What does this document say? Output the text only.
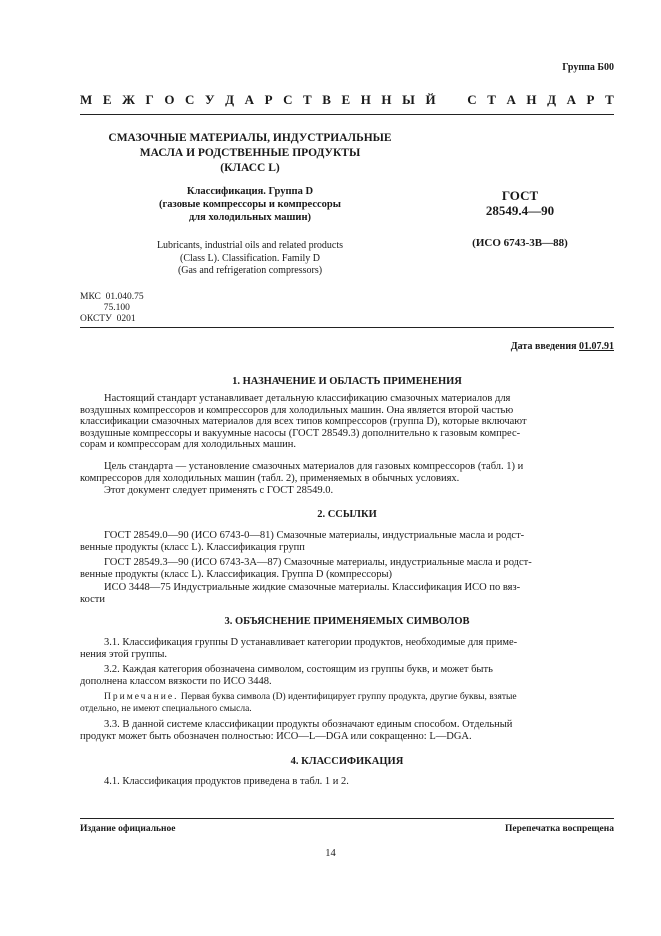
Группа Б00
М Е Ж Г О С У Д А Р С Т В Е Н Н Ы Й С Т А Н Д А Р Т
СМАЗОЧНЫЕ МАТЕРИАЛЫ, ИНДУСТРИАЛЬНЫЕ
МАСЛА И РОДСТВЕННЫЕ ПРОДУКТЫ
(КЛАСС L)
Классификация. Группа D
(газовые компрессоры и компрессоры
для холодильных машин)
Lubricants, industrial oils and related products
(Class L). Classification. Family D
(Gas and refrigeration compressors)
ГОСТ
28549.4—90
(ИСО 6743-3В—88)
МКС  01.040.75
75.100
ОКСТУ  0201
Дата введения 01.07.91
1. НАЗНАЧЕНИЕ И ОБЛАСТЬ ПРИМЕНЕНИЯ
Настоящий стандарт устанавливает детальную классификацию смазочных материалов для
воздушных компрессоров и компрессоров для холодильных машин. Она является второй частью
классификации смазочных материалов для всех типов компрессоров (группа D), которые включают
воздушные компрессоры и вакуумные насосы (ГОСТ 28549.3) дополнительно к газовым компрес-
сорам и компрессорам для холодильных машин.
Цель стандарта — установление смазочных материалов для газовых компрессоров (табл. 1) и
компрессоров для холодильных машин (табл. 2), применяемых в обычных условиях.
Этот документ следует применять с ГОСТ 28549.0.
2. ССЫЛКИ
ГОСТ 28549.0—90 (ИСО 6743-0—81) Смазочные материалы, индустриальные масла и родст-
венные продукты (класс L). Классификация групп
ГОСТ 28549.3—90 (ИСО 6743-3А—87) Смазочные материалы, индустриальные масла и родст-
венные продукты (класс L). Классификация. Группа D (компрессоры)
ИСО 3448—75 Индустриальные жидкие смазочные материалы. Классификация ИСО по вяз-
кости
3. ОБЪЯСНЕНИЕ ПРИМЕНЯЕМЫХ СИМВОЛОВ
3.1. Классификация группы D устанавливает категории продуктов, необходимые для приме-
нения этой группы.
3.2. Каждая категория обозначена символом, состоящим из группы букв, и может быть
дополнена классом вязкости по ИСО 3448.
Примечание. Первая буква символа (D) идентифицирует группу продукта, другие буквы, взятые
отдельно, не имеют специального смысла.
3.3. В данной системе классификации продукты обозначают единым способом. Отдельный
продукт может быть обозначен полностью: ИСО—L—DGA или сокращенно: L—DGA.
4. КЛАССИФИКАЦИЯ
4.1. Классификация продуктов приведена в табл. 1 и 2.
Издание официальное	Перепечатка воспрещена
14
